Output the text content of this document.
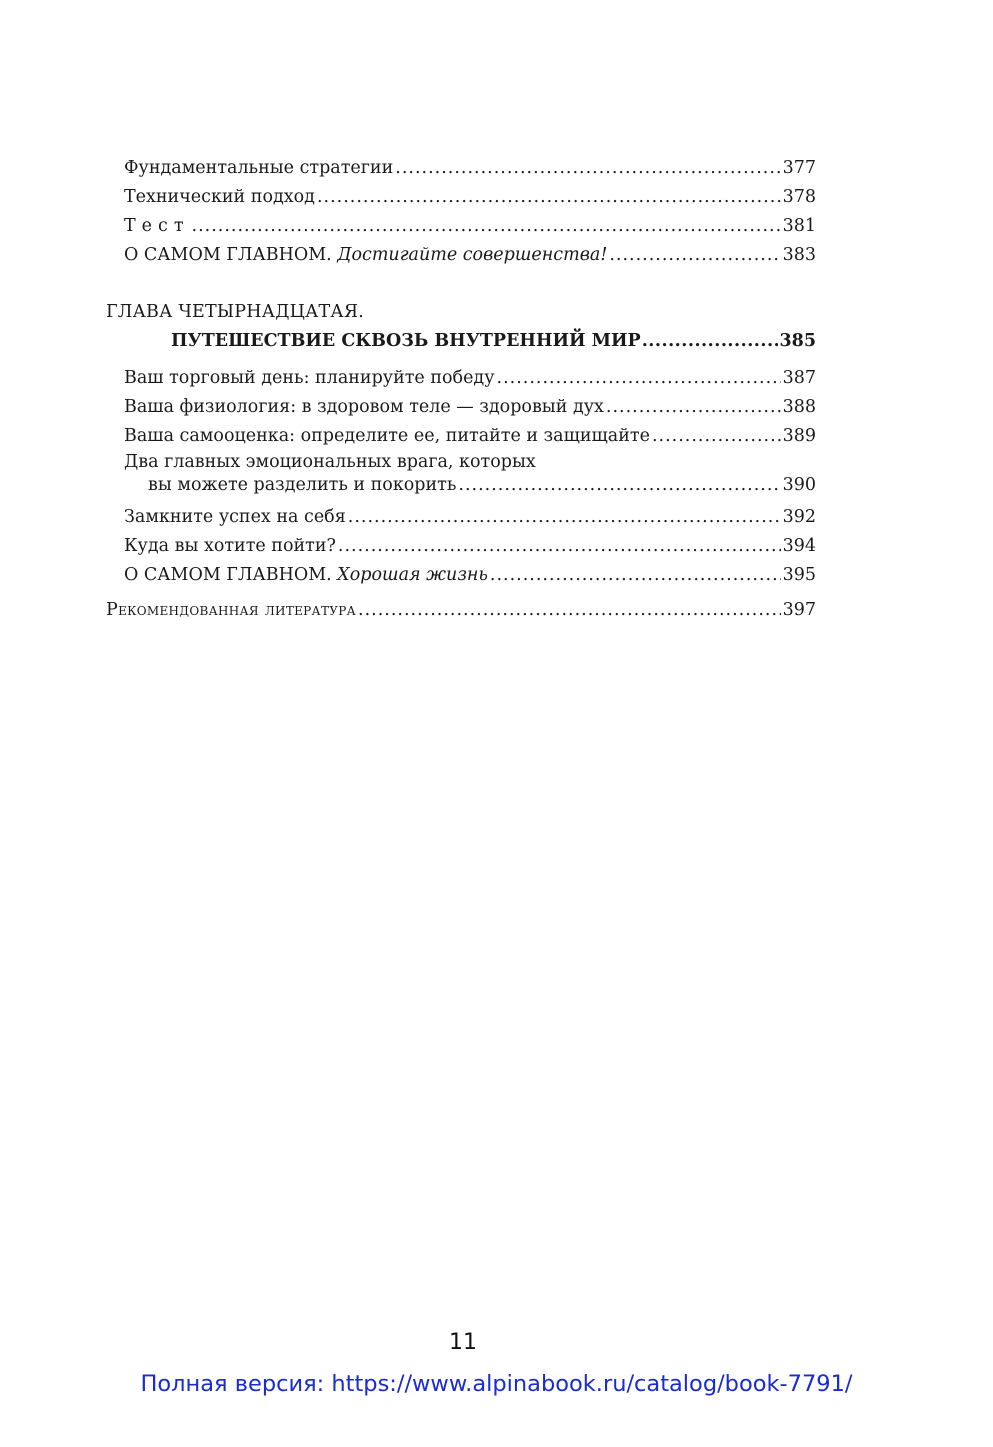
Фундаментальные стратегии .....	377
Технический подход .....	378
Тест .....	381
О САМОМ ГЛАВНОМ. Достигайте совершенства! .....	383
ГЛАВА ЧЕТЫРНАДЦАТАЯ.
ПУТЕШЕСТВИЕ СКВОЗЬ ВНУТРЕННИЙ МИР .....	385
Ваш торговый день: планируйте победу .....	387
Ваша физиология: в здоровом теле — здоровый дух .....	388
Ваша самооценка: определите ее, питайте и защищайте .....	389
Два главных эмоциональных врага, которых
вы можете разделить и покорить .....	390
Замкните успех на себя .....	392
Куда вы хотите пойти? .....	394
О САМОМ ГЛАВНОМ. Хорошая жизнь .....	395
Рекомендованная литература .....	397
11
Полная версия: https://www.alpinabook.ru/catalog/book-7791/
